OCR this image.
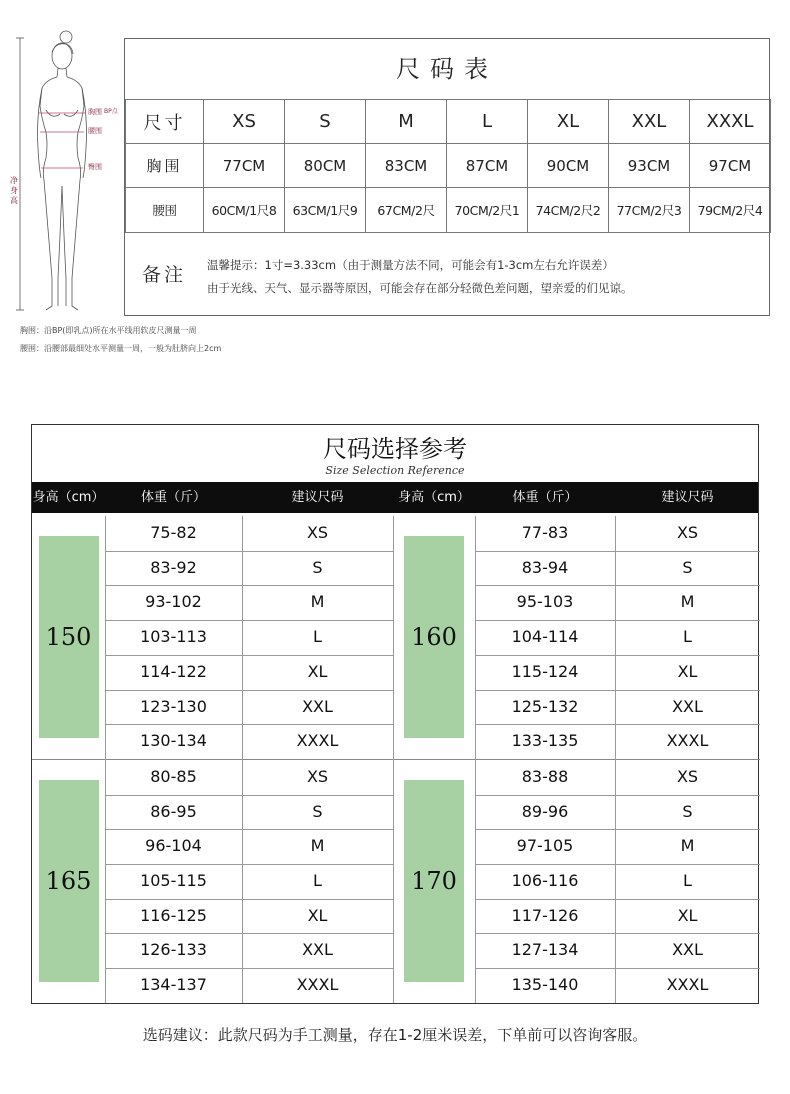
胸围 BP点
腰围
臀围
净身高
胸围：沿BP(即乳点)所在水平线用软皮尺测量一周
腰围：沿腰部最细处水平测量一周，一般为肚脐向上2cm
尺码表
尺寸	XS	S	M	L	XL	XXL	XXXL
胸围	77CM	80CM	83CM	87CM	90CM	93CM	97CM
腰围	60CM/1尺8	63CM/1尺9	67CM/2尺	70CM/2尺1	74CM/2尺2	77CM/2尺3	79CM/2尺4
备注	温馨提示：1寸=3.33cm（由于测量方法不同，可能会有1-3cm左右允许误差）
由于光线、天气、显示器等原因，可能会存在部分轻微色差问题，望亲爱的们见谅。
尺码选择参考
Size Selection Reference
身高（cm）	体重（斤）	建议尺码	身高（cm）	体重（斤）	建议尺码
150
75-82	XS
83-92	S
93-102	M
103-113	L
114-122	XL
123-130	XXL
130-134	XXXL
160
77-83	XS
83-94	S
95-103	M
104-114	L
115-124	XL
125-132	XXL
133-135	XXXL
165
80-85	XS
86-95	S
96-104	M
105-115	L
116-125	XL
126-133	XXL
134-137	XXXL
170
83-88	XS
89-96	S
97-105	M
106-116	L
117-126	XL
127-134	XXL
135-140	XXXL
选码建议：此款尺码为手工测量，存在1-2厘米误差，下单前可以咨询客服。
